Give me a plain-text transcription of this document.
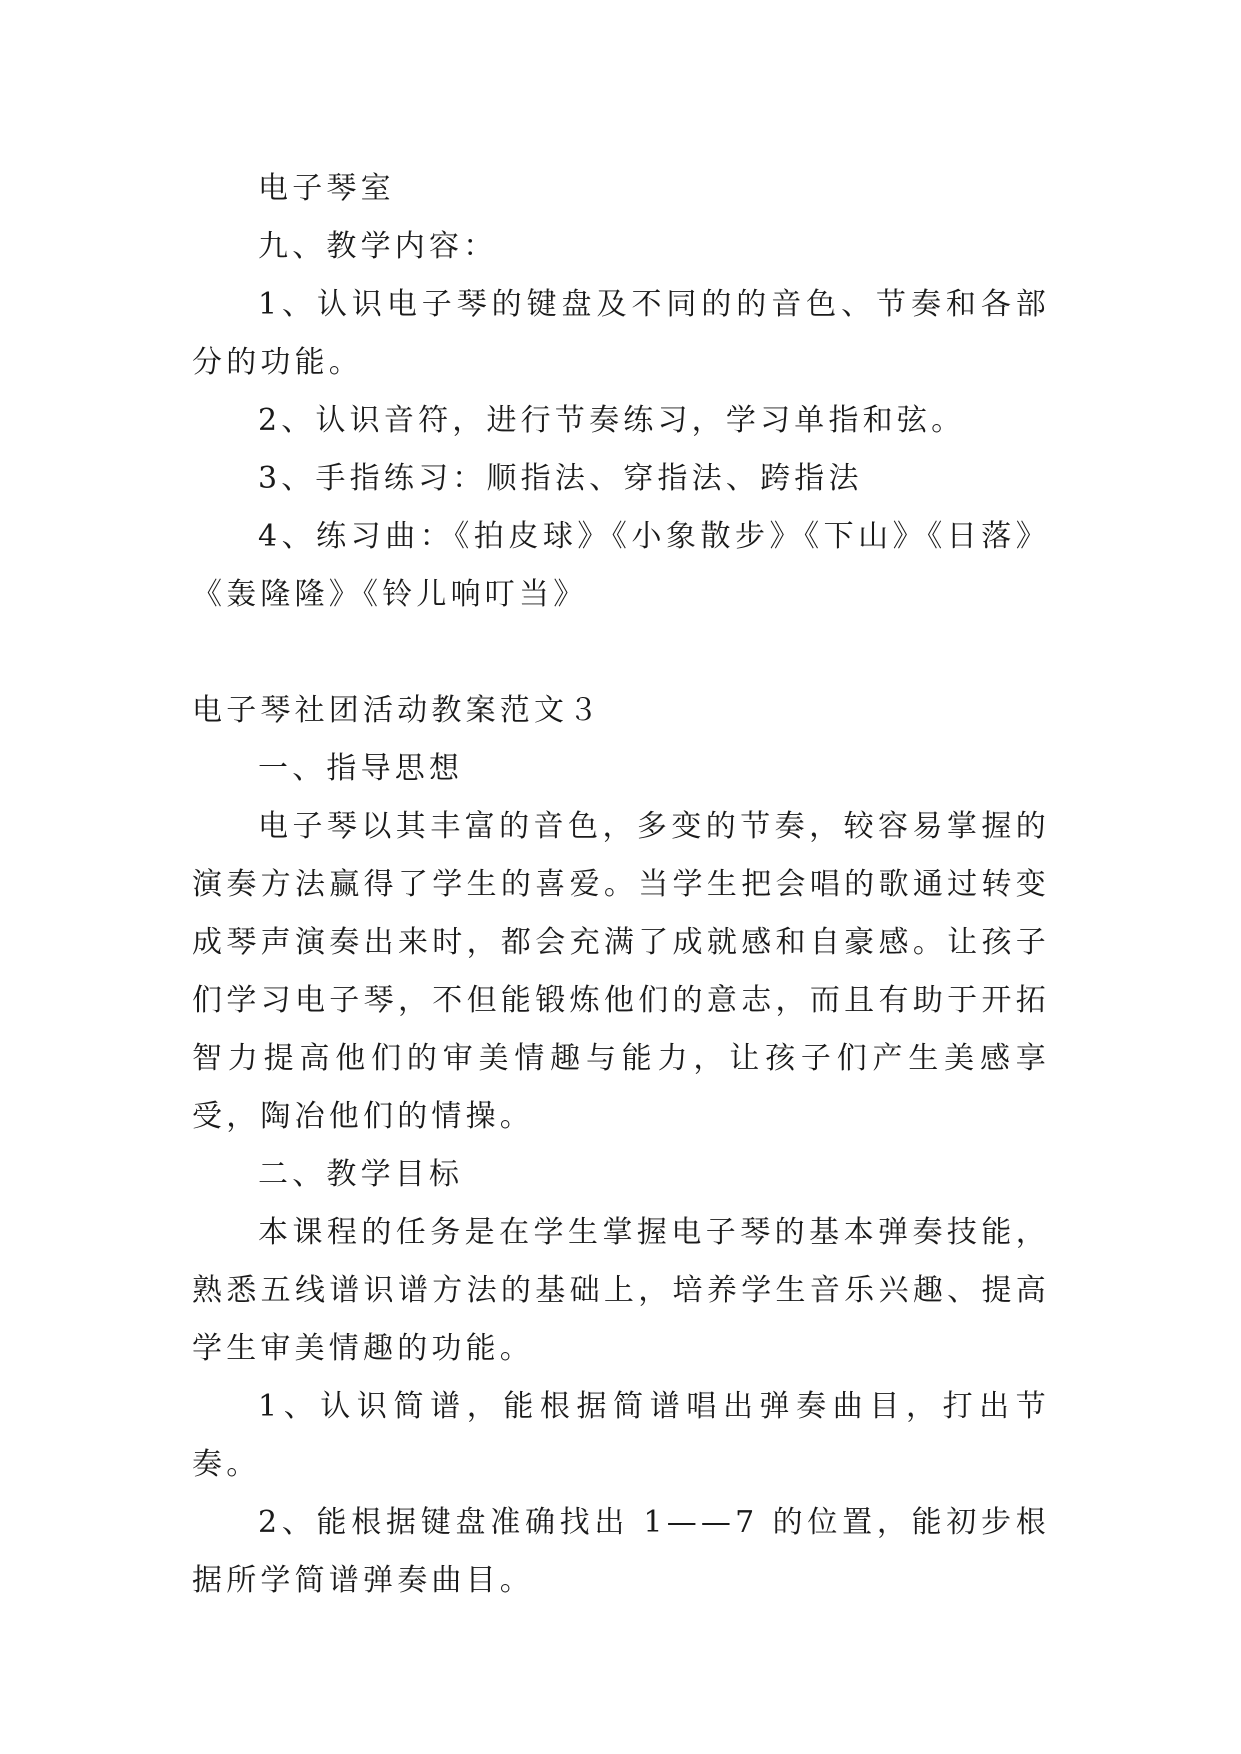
电子琴室

九、教学内容：

1、认识电子琴的键盘及不同的的音色、节奏和各部分的功能。

2、认识音符，进行节奏练习，学习单指和弦。

3、手指练习：顺指法、穿指法、跨指法

4、练习曲：《拍皮球》《小象散步》《下山》《日落》《轰隆隆》《铃儿响叮当》

电子琴社团活动教案范文３

一、指导思想

电子琴以其丰富的音色，多变的节奏，较容易掌握的演奏方法赢得了学生的喜爱。当学生把会唱的歌通过转变成琴声演奏出来时，都会充满了成就感和自豪感。让孩子们学习电子琴，不但能锻炼他们的意志，而且有助于开拓智力提高他们的审美情趣与能力，让孩子们产生美感享受，陶冶他们的情操。

二、教学目标

本课程的任务是在学生掌握电子琴的基本弹奏技能，熟悉五线谱识谱方法的基础上，培养学生音乐兴趣、提高学生审美情趣的功能。

1、认识简谱，能根据简谱唱出弹奏曲目，打出节奏。

2、能根据键盘准确找出 1——7 的位置，能初步根据所学简谱弹奏曲目。
